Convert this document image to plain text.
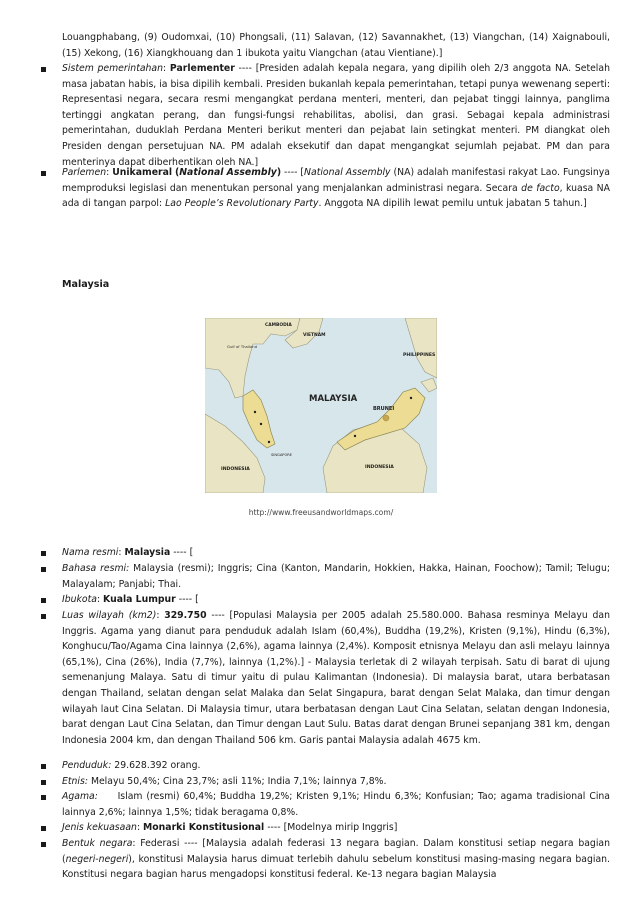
Louangphabang, (9) Oudomxai, (10) Phongsali, (11) Salavan, (12) Savannakhet, (13) Viangchan, (14) Xaignabouli, (15) Xekong, (16) Xiangkhouang dan 1 ibukota yaitu Viangchan (atau Vientiane).]
Sistem pemerintahan: Parlementer ---- [Presiden adalah kepala negara, yang dipilih oleh 2/3 anggota NA. Setelah masa jabatan habis, ia bisa dipilih kembali. Presiden bukanlah kepala pemerintahan, tetapi punya wewenang seperti: Representasi negara, secara resmi mengangkat perdana menteri, menteri, dan pejabat tinggi lainnya, panglima tertinggi angkatan perang, dan fungsi-fungsi rehabilitas, abolisi, dan grasi. Sebagai kepala administrasi pemerintahan, duduklah Perdana Menteri berikut menteri dan pejabat lain setingkat menteri. PM diangkat oleh Presiden dengan persetujuan NA. PM adalah eksekutif dan dapat mengangkat sejumlah pejabat. PM dan para menterinya dapat diberhentikan oleh NA.]
Parlemen: Unikameral (National Assembly) ---- [National Assembly (NA) adalah manifestasi rakyat Lao. Fungsinya memproduksi legislasi dan menentukan personal yang menjalankan administrasi negara. Secara de facto, kuasa NA ada di tangan parpol: Lao People’s Revolutionary Party. Anggota NA dipilih lewat pemilu untuk jabatan 5 tahun.]
Malaysia
MALAYSIA
BRUNEI
PHILIPPINES
CAMBODIA
VIETNAM
INDONESIA	INDONESIA
SINGAPORE
Gulf of Thailand
http://www.freeusandworldmaps.com/
Nama resmi: Malaysia ---- [
Bahasa resmi: Malaysia (resmi); Inggris; Cina (Kanton, Mandarin, Hokkien, Hakka, Hainan, Foochow); Tamil; Telugu; Malayalam; Panjabi; Thai.
Ibukota: Kuala Lumpur ---- [
Luas wilayah (km2): 329.750 ---- [Populasi Malaysia per 2005 adalah 25.580.000. Bahasa resminya Melayu dan Inggris. Agama yang dianut para penduduk adalah Islam (60,4%), Buddha (19,2%), Kristen (9,1%), Hindu (6,3%), Konghucu/Tao/Agama Cina lainnya (2,6%), agama lainnya (2,4%). Komposit etnisnya Melayu dan asli melayu lainnya (65,1%), Cina (26%), India (7,7%), lainnya (1,2%).] - Malaysia terletak di 2 wilayah terpisah. Satu di barat di ujung semenanjung Malaya. Satu di timur yaitu di pulau Kalimantan (Indonesia). Di malaysia barat, utara berbatasan dengan Thailand, selatan dengan selat Malaka dan Selat Singapura, barat dengan Selat Malaka, dan timur dengan wilayah laut Cina Selatan. Di Malaysia timur, utara berbatasan dengan Laut Cina Selatan, selatan dengan Indonesia, barat dengan Laut Cina Selatan, dan Timur dengan Laut Sulu. Batas darat dengan Brunei sepanjang 381 km, dengan Indonesia 2004 km, dan dengan Thailand 506 km. Garis pantai Malaysia adalah 4675 km.
Penduduk: 29.628.392 orang.
Etnis: Melayu 50,4%; Cina 23,7%; asli 11%; India 7,1%; lainnya 7,8%.
Agama:     Islam (resmi) 60,4%; Buddha 19,2%; Kristen 9,1%; Hindu 6,3%; Konfusian; Tao; agama tradisional Cina lainnya 2,6%; lainnya 1,5%; tidak beragama 0,8%.
Jenis kekuasaan: Monarki Konstitusional ---- [Modelnya mirip Inggris]
Bentuk negara: Federasi ---- [Malaysia adalah federasi 13 negara bagian. Dalam konstitusi setiap negara bagian (negeri-negeri), konstitusi Malaysia harus dimuat terlebih dahulu sebelum konstitusi masing-masing negara bagian. Konstitusi negara bagian harus mengadopsi konstitusi federal. Ke-13 negara bagian Malaysia
